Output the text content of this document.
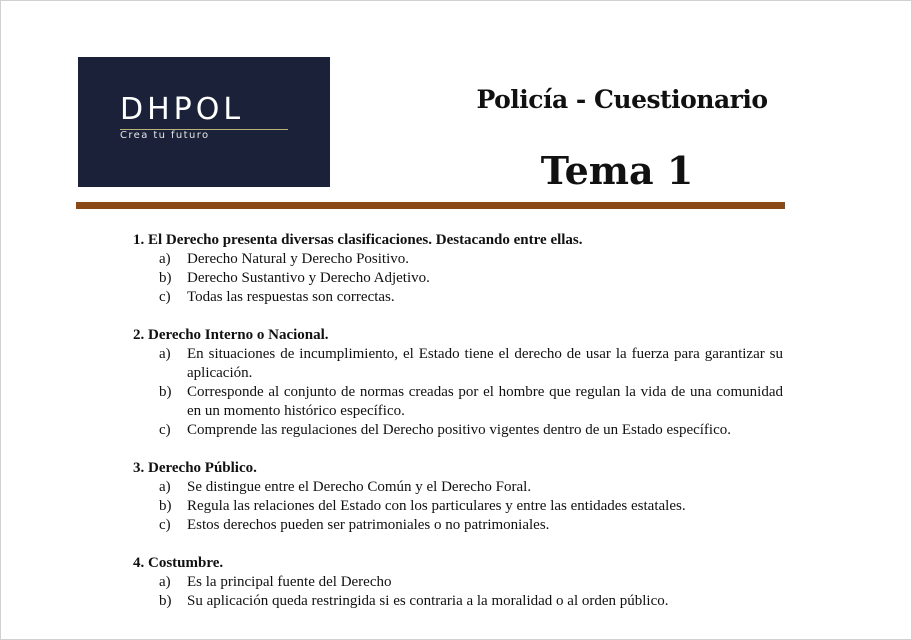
DHPOL
Crea tu futuro
Policía - Cuestionario
Tema 1
1. El Derecho presenta diversas clasificaciones. Destacando entre ellas.
a)	Derecho Natural y Derecho Positivo.
b)	Derecho Sustantivo y Derecho Adjetivo.
c)	Todas las respuestas son correctas.
2. Derecho Interno o Nacional.
a)	En situaciones de incumplimiento, el Estado tiene el derecho de usar la fuerza para garantizar su aplicación.
b)	Corresponde al conjunto de normas creadas por el hombre que regulan la vida de una comunidad en un momento histórico específico.
c)	Comprende las regulaciones del Derecho positivo vigentes dentro de un Estado específico.
3. Derecho Público.
a)	Se distingue entre el Derecho Común y el Derecho Foral.
b)	Regula las relaciones del Estado con los particulares y entre las entidades estatales.
c)	Estos derechos pueden ser patrimoniales o no patrimoniales.
4. Costumbre.
a)	Es la principal fuente del Derecho
b)	Su aplicación queda restringida si es contraria a la moralidad o al orden público.
